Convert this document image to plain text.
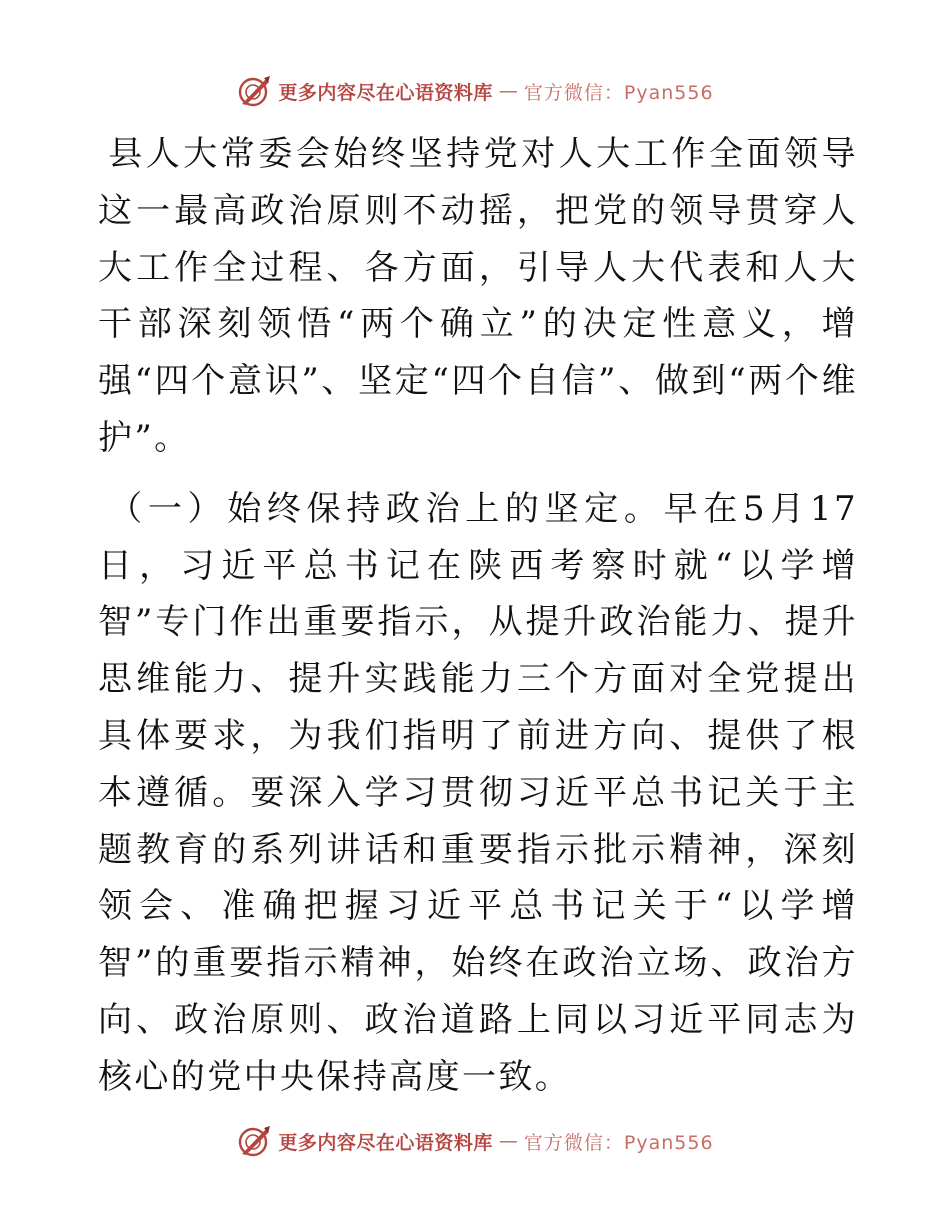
更多内容尽在心语资料库 — 官方微信：Pyan556

县人大常委会始终坚持党对人大工作全面领导这一最高政治原则不动摇，把党的领导贯穿人大工作全过程、各方面，引导人大代表和人大干部深刻领悟“两个确立”的决定性意义，增强“四个意识”、坚定“四个自信”、做到“两个维护”。

（一）始终保持政治上的坚定。早在5月17日，习近平总书记在陕西考察时就“以学增智”专门作出重要指示，从提升政治能力、提升思维能力、提升实践能力三个方面对全党提出具体要求，为我们指明了前进方向、提供了根本遵循。要深入学习贯彻习近平总书记关于主题教育的系列讲话和重要指示批示精神，深刻领会、准确把握习近平总书记关于“以学增智”的重要指示精神，始终在政治立场、政治方向、政治原则、政治道路上同以习近平同志为核心的党中央保持高度一致。

更多内容尽在心语资料库 — 官方微信：Pyan556
